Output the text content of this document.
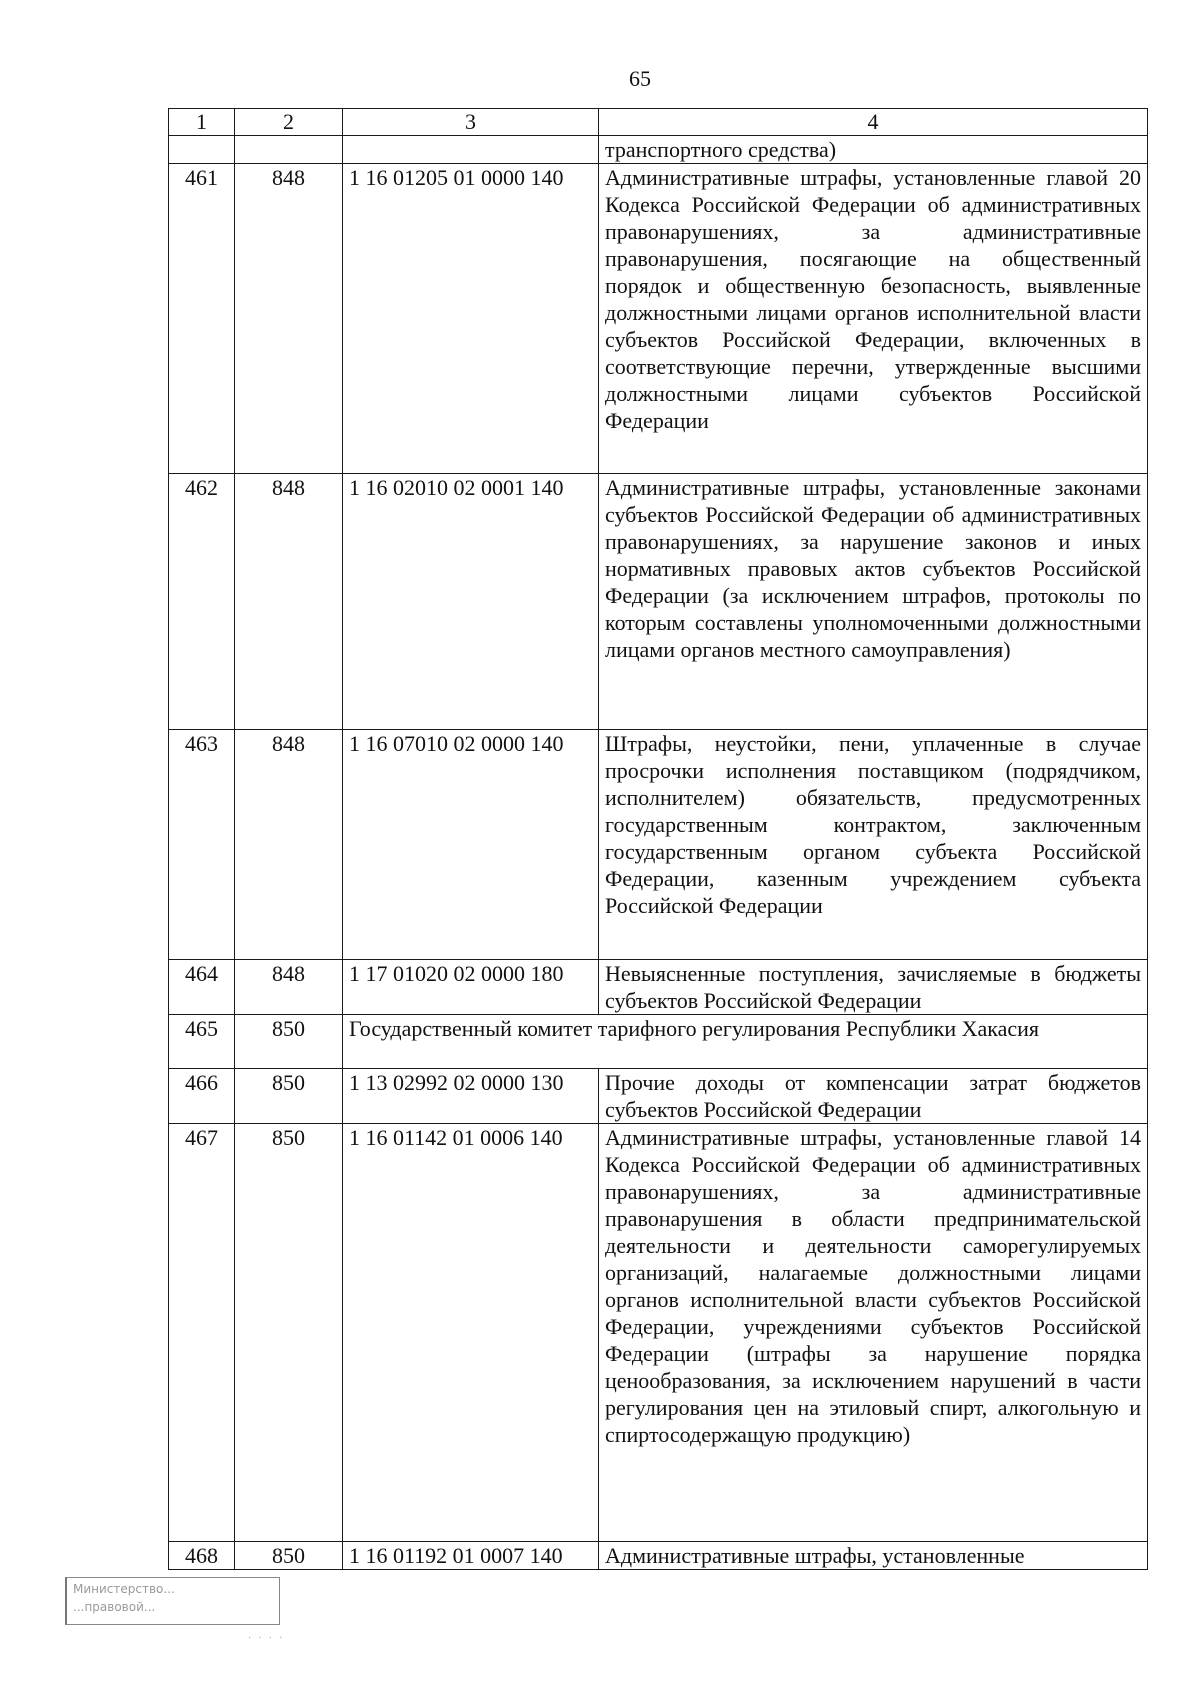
65
1	2	3	4
			транспортного средства)
461	848	1 16 01205 01 0000 140	Административные штрафы, установленные главой 20 Кодекса Российской Федерации об административных правонарушениях, за административные правонарушения, посягающие на общественный порядок и общественную безопасность, выявленные должностными лицами органов исполнительной власти субъектов Российской Федерации, включенных в соответствующие перечни, утвержденные высшими должностными лицами субъектов Российской Федерации
462	848	1 16 02010 02 0001 140	Административные штрафы, установленные законами субъектов Российской Федерации об административных правонарушениях, за нарушение законов и иных нормативных правовых актов субъектов Российской Федерации (за исключением штрафов, протоколы по которым составлены уполномоченными должностными лицами органов местного самоуправления)
463	848	1 16 07010 02 0000 140	Штрафы, неустойки, пени, уплаченные в случае просрочки исполнения поставщиком (подрядчиком, исполнителем) обязательств, предусмотренных государственным контрактом, заключенным государственным органом субъекта Российской Федерации, казенным учреждением субъекта Российской Федерации
464	848	1 17 01020 02 0000 180	Невыясненные поступления, зачисляемые в бюджеты субъектов Российской Федерации
465	850	Государственный комитет тарифного регулирования Республики Хакасия	
466	850	1 13 02992 02 0000 130	Прочие доходы от компенсации затрат бюджетов субъектов Российской Федерации
467	850	1 16 01142 01 0006 140	Административные штрафы, установленные главой 14 Кодекса Российской Федерации об административных правонарушениях, за административные правонарушения в области предпринимательской деятельности и деятельности саморегулируемых организаций, налагаемые должностными лицами органов исполнительной власти субъектов Российской Федерации, учреждениями субъектов Российской Федерации (штрафы за нарушение порядка ценообразования, за исключением нарушений в части регулирования цен на этиловый спирт, алкогольную и спиртосодержащую продукцию)
468	850	1 16 01192 01 0007 140	Административные штрафы, установленные
Министерство...
...правовой...
· · · ·
